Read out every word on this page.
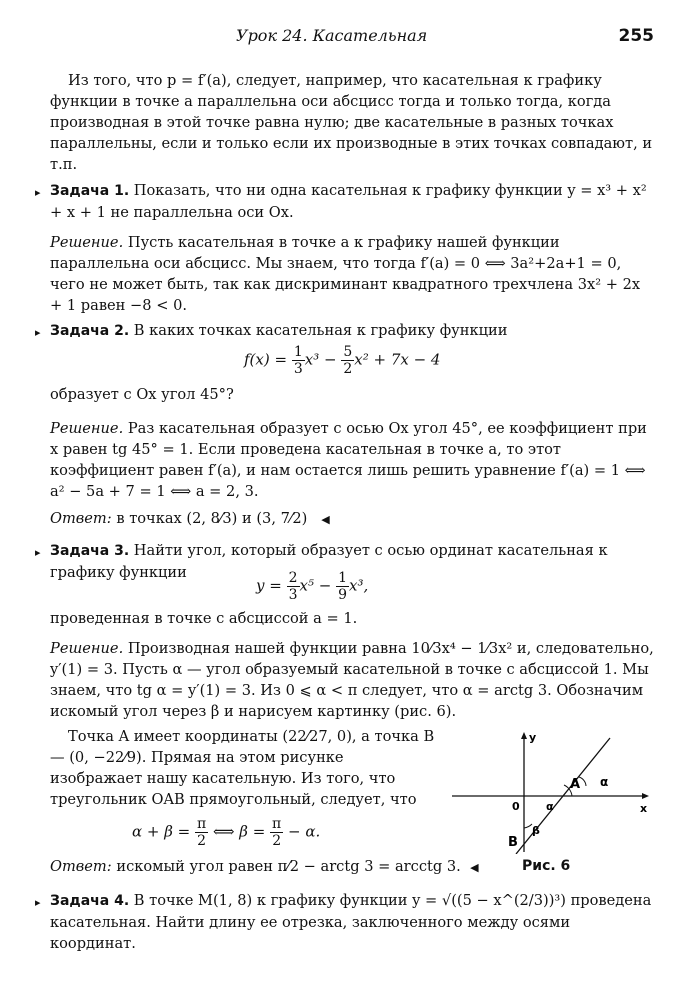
Урок 24. Касательная	255
Из того, что p = f′(a), следует, например, что касательная к графику функции в точке a параллельна оси абсцисс тогда и только тогда, когда производная в этой точке равна нулю; две касательные в разных точках параллельны, если и только если их производные в этих точках совпадают, и т.п.
▸ Задача 1. Показать, что ни одна касательная к графику функции y = x³ + x² + x + 1 не параллельна оси Ox.
Решение. Пусть касательная в точке a к графику нашей функции параллельна оси абсцисс. Мы знаем, что тогда f′(a) = 0 ⟺ 3a²+2a+1 = 0, чего не может быть, так как дискриминант квадратного трехчлена 3x² + 2x + 1 равен −8 < 0.
▸ Задача 2. В каких точках касательная к графику функции
$f(x) = \frac{1}{3} x^3 - \frac{5}{2} x^2 + 7x - 4$
образует с Ox угол 45°?
Решение. Раз касательная образует с осью Ox угол 45°, ее коэффициент при x равен tg 45° = 1. Если проведена касательная в точке a, то этот коэффициент равен f′(a), и нам остается лишь решить уравнение f′(a) = 1 ⟺ a² − 5a + 7 = 1 ⟺ a = 2, 3.
Ответ: в точках (2, 8⁄3) и (3, 7⁄2) ◀
▸ Задача 3. Найти угол, который образует с осью ординат касательная к графику функции
$y = \frac{2}{3} x^5 - \frac{1}{9} x^3$,
проведенная в точке с абсциссой a = 1.
Решение. Производная нашей функции равна 10⁄3x⁴ − 1⁄3x² и, следовательно, y′(1) = 3. Пусть α — угол образуемый касательной в точке с абсциссой 1. Мы знаем, что tg α = y′(1) = 3. Из 0 ⩽ α < π следует, что α = arctg 3. Обозначим искомый угол через β и нарисуем картинку (рис. 6).
Точка A имеет координаты (22⁄27, 0), а точка B — (0, −22⁄9). Прямая на этом рисунке изображает нашу касательную. Из того, что треугольник OAB прямоугольный, следует, что
$\alpha + \beta = \frac{\pi}{2}$ ⟺ $\beta = \frac{\pi}{2} - \alpha$.
Ответ: искомый угол равен π⁄2 − arctg 3 = arcctg 3. ◀
y
x
0
A
B
α
α
β
Рис. 6
▸ Задача 4. В точке M(1, 8) к графику функции y = √((5 − x^(2/3))³) проведена касательная. Найти длину ее отрезка, заключенного между осями координат.
